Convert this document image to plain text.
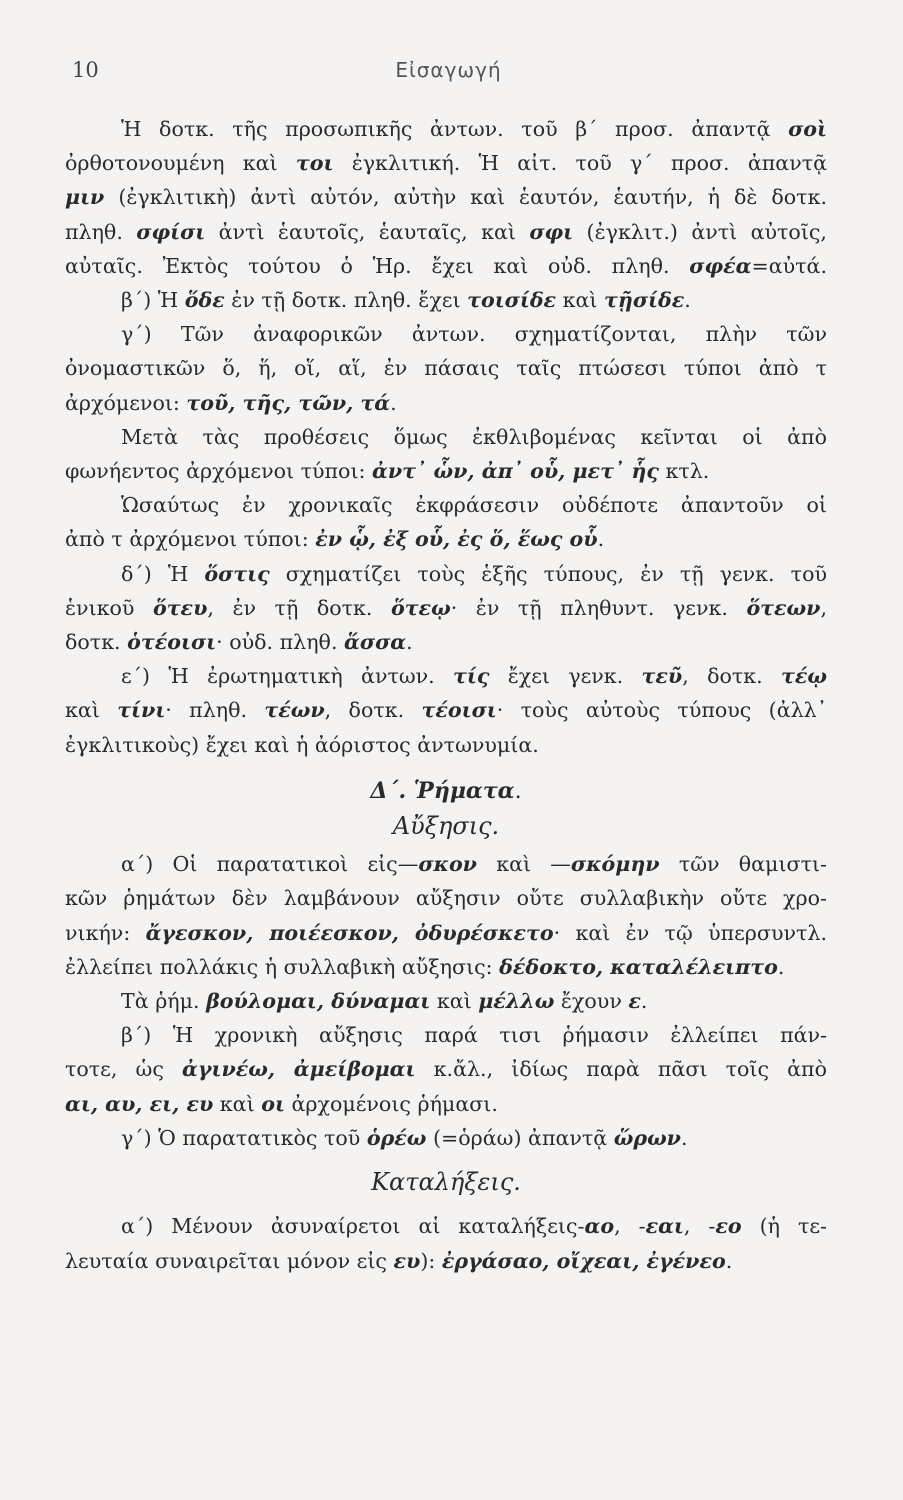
10	Εἰσαγωγή

Ἡ δοτκ. τῆς προσωπικῆς ἀντων. τοῦ β΄ προσ. ἀπαντᾷ σοὶ

ὀρθοτονουμένη καὶ τοι ἐγκλιτική. Ἡ αἰτ. τοῦ γ΄ προσ. ἀπαντᾷ

μιν (ἐγκλιτικὴ) ἀντὶ αὐτόν, αὐτὴν καὶ ἑαυτόν, ἑαυτήν, ἡ δὲ δοτκ.

πληθ. σφίσι ἀντὶ ἑαυτοῖς, ἑαυταῖς, καὶ σφι (ἐγκλιτ.) ἀντὶ αὐτοῖς,

αὐταῖς. Ἐκτὸς τούτου ὁ Ἡρ. ἔχει καὶ οὐδ. πληθ. σφέα=αὐτά.

β΄) Ἡ ὅδε ἐν τῇ δοτκ. πληθ. ἔχει τοισίδε καὶ τῇσίδε.

γ΄) Τῶν ἀναφορικῶν ἀντων. σχηματίζονται, πλὴν τῶν

ὀνομαστικῶν ὅ, ἥ, οἵ, αἵ, ἐν πάσαις ταῖς πτώσεσι τύποι ἀπὸ τ

ἀρχόμενοι: τοῦ, τῆς, τῶν, τά.

Μετὰ τὰς προθέσεις ὅμως ἐκθλιβομένας κεῖνται οἱ ἀπὸ

φωνήεντος ἀρχόμενοι τύποι: ἀντ᾽ ὧν, ἀπ᾽ οὗ, μετ᾽ ἧς κτλ.

Ὡσαύτως ἐν χρονικαῖς ἐκφράσεσιν οὐδέποτε ἀπαντοῦν οἱ

ἀπὸ τ ἀρχόμενοι τύποι: ἐν ᾧ, ἐξ οὗ, ἐς ὅ, ἕως οὗ.

δ΄) Ἡ ὅστις σχηματίζει τοὺς ἑξῆς τύπους, ἐν τῇ γενκ. τοῦ

ἑνικοῦ ὅτευ, ἐν τῇ δοτκ. ὅτεῳ· ἐν τῇ πληθυντ. γενκ. ὅτεων,

δοτκ. ὁτέοισι· οὐδ. πληθ. ἅσσα.

ε΄) Ἡ ἐρωτηματικὴ ἀντων. τίς ἔχει γενκ. τεῦ, δοτκ. τέῳ

καὶ τίνι· πληθ. τέων, δοτκ. τέοισι· τοὺς αὐτοὺς τύπους (ἀλλ᾽

ἐγκλιτικοὺς) ἔχει καὶ ἡ ἀόριστος ἀντωνυμία.

Δ΄. Ῥήματα.

Αὔξησις.

α΄) Οἱ παρατατικοὶ εἰς—σκον καὶ —σκόμην τῶν θαμιστι-

κῶν ῥημάτων δὲν λαμβάνουν αὔξησιν οὔτε συλλαβικὴν οὔτε χρο-

νικήν: ἄγεσκον, ποιέεσκον, ὀδυρέσκετο· καὶ ἐν τῷ ὑπερσυντλ.

ἐλλείπει πολλάκις ἡ συλλαβικὴ αὔξησις: δέδοκτο, καταλέλειπτο.

Τὰ ῥήμ. βούλομαι, δύναμαι καὶ μέλλω ἔχουν ε.

β΄) Ἡ χρονικὴ αὔξησις παρά τισι ῥήμασιν ἐλλείπει πάν-

τοτε, ὡς ἀγινέω, ἀμείβομαι κ.ἄλ., ἰδίως παρὰ πᾶσι τοῖς ἀπὸ

αι, αυ, ει, ευ καὶ οι ἀρχομένοις ῥήμασι.

γ΄) Ὁ παρατατικὸς τοῦ ὁρέω (=ὁράω) ἀπαντᾷ ὥρων.

Καταλήξεις.

α΄) Μένουν ἀσυναίρετοι αἱ καταλήξεις-αο, -εαι, -εο (ἡ τε-

λευταία συναιρεῖται μόνον εἰς ευ): ἐργάσαο, οἴχεαι, ἐγένεο.
